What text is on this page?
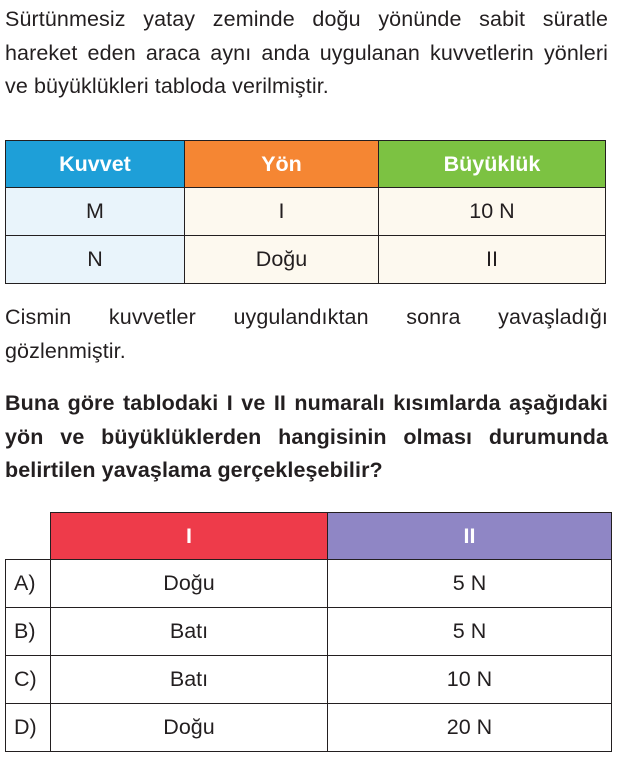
Sürtünmesiz yatay zeminde doğu yönünde sabit süratle hareket eden araca aynı anda uygulanan kuvvetlerin yönleri ve büyüklükleri tabloda verilmiştir.

Kuvvet	Yön	Büyüklük
M	I	10 N
N	Doğu	II

Cismin kuvvetler uygulandıktan sonra yavaşladığı gözlenmiştir.

Buna göre tablodaki I ve II numaralı kısımlarda aşağıdaki yön ve büyüklüklerden hangisinin olması durumunda belirtilen yavaşlama gerçekleşebilir?

	I	II
A)	Doğu	5 N
B)	Batı	5 N
C)	Batı	10 N
D)	Doğu	20 N
